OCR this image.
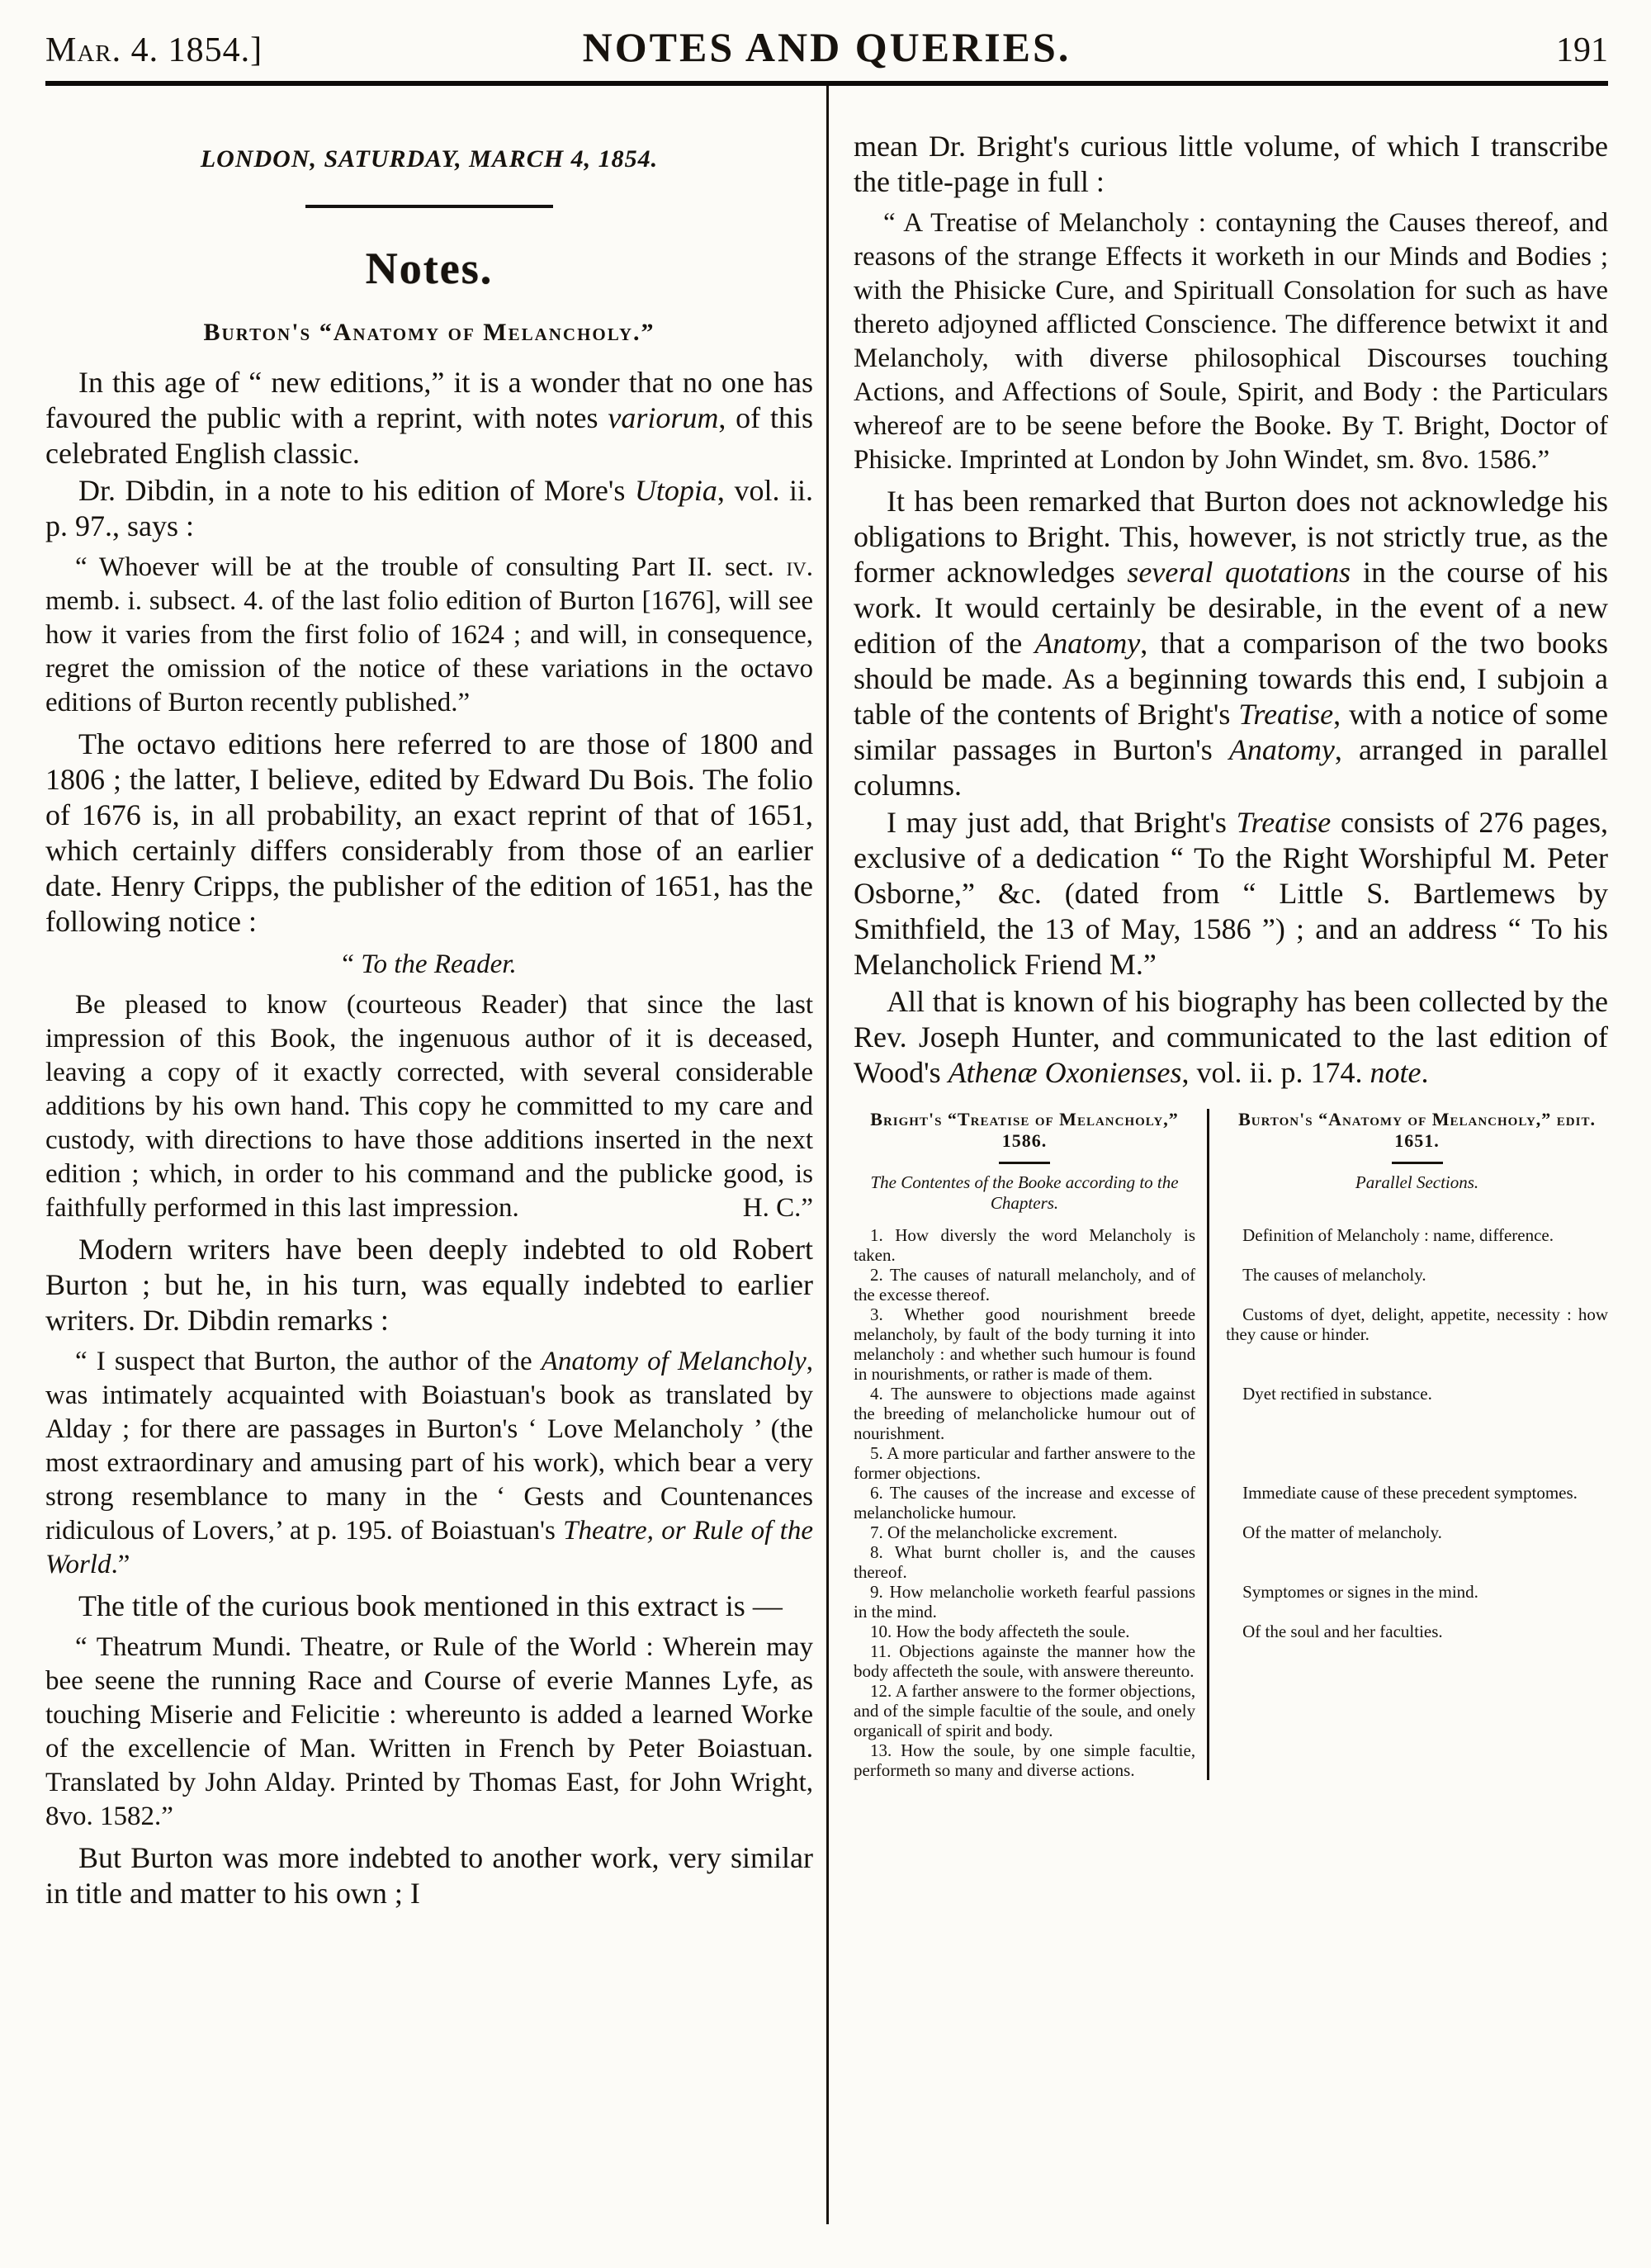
Mar. 4. 1854.]	NOTES AND QUERIES.	191
LONDON, SATURDAY, MARCH 4, 1854.
Notes.
Burton's “Anatomy of Melancholy.”

In this age of “ new editions,” it is a wonder that no one has favoured the public with a reprint, with notes variorum, of this celebrated English classic.

Dr. Dibdin, in a note to his edition of More's Utopia, vol. ii. p. 97., says :

“ Whoever will be at the trouble of consulting Part II. sect. iv. memb. i. subsect. 4. of the last folio edition of Burton [1676], will see how it varies from the first folio of 1624 ; and will, in consequence, regret the omission of the notice of these variations in the octavo editions of Burton recently published.”

The octavo editions here referred to are those of 1800 and 1806 ; the latter, I believe, edited by Edward Du Bois. The folio of 1676 is, in all probability, an exact reprint of that of 1651, which certainly differs considerably from those of an earlier date. Henry Cripps, the publisher of the edition of 1651, has the following notice :

“ To the Reader.

Be pleased to know (courteous Reader) that since the last impression of this Book, the ingenuous author of it is deceased, leaving a copy of it exactly corrected, with several considerable additions by his own hand. This copy he committed to my care and custody, with directions to have those additions inserted in the next edition ; which, in order to his command and the publicke good, is faithfully performed in this last impression.	H. C.”

Modern writers have been deeply indebted to old Robert Burton ; but he, in his turn, was equally indebted to earlier writers. Dr. Dibdin remarks :

“ I suspect that Burton, the author of the Anatomy of Melancholy, was intimately acquainted with Boiastuan's book as translated by Alday ; for there are passages in Burton's ‘ Love Melancholy ’ (the most extraordinary and amusing part of his work), which bear a very strong resemblance to many in the ‘ Gests and Countenances ridiculous of Lovers,’ at p. 195. of Boiastuan's Theatre, or Rule of the World.”

The title of the curious book mentioned in this extract is —

“ Theatrum Mundi. Theatre, or Rule of the World : Wherein may bee seene the running Race and Course of everie Mannes Lyfe, as touching Miserie and Felicitie : whereunto is added a learned Worke of the excellencie of Man. Written in French by Peter Boiastuan. Translated by John Alday. Printed by Thomas East, for John Wright, 8vo. 1582.”

But Burton was more indebted to another work, very similar in title and matter to his own ; I

mean Dr. Bright's curious little volume, of which I transcribe the title-page in full :

“ A Treatise of Melancholy : contayning the Causes thereof, and reasons of the strange Effects it worketh in our Minds and Bodies ; with the Phisicke Cure, and Spirituall Consolation for such as have thereto adjoyned afflicted Conscience. The difference betwixt it and Melancholy, with diverse philosophical Discourses touching Actions, and Affections of Soule, Spirit, and Body : the Particulars whereof are to be seene before the Booke. By T. Bright, Doctor of Phisicke. Imprinted at London by John Windet, sm. 8vo. 1586.”

It has been remarked that Burton does not acknowledge his obligations to Bright. This, however, is not strictly true, as the former acknowledges several quotations in the course of his work. It would certainly be desirable, in the event of a new edition of the Anatomy, that a comparison of the two books should be made. As a beginning towards this end, I subjoin a table of the contents of Bright's Treatise, with a notice of some similar passages in Burton's Anatomy, arranged in parallel columns.

I may just add, that Bright's Treatise consists of 276 pages, exclusive of a dedication “ To the Right Worshipful M. Peter Osborne,” &c. (dated from “ Little S. Bartlemews by Smithfield, the 13 of May, 1586 ”) ; and an address “ To his Melancholick Friend M.”

All that is known of his biography has been collected by the Rev. Joseph Hunter, and communicated to the last edition of Wood's Athenæ Oxonienses, vol. ii. p. 174. note.

Bright's “Treatise of Melancholy,” 1586.

The Contentes of the Booke according to the Chapters.

Burton's “Anatomy of Melancholy,” edit. 1651.

Parallel Sections.

1. How diversly the word Melancholy is taken.	Definition of Melancholy : name, difference.

2. The causes of naturall melancholy, and of the excesse thereof.	The causes of melancholy.

3. Whether good nourishment breede melancholy, by fault of the body turning it into melancholy : and whether such humour is found in nourishments, or rather is made of them.	Customs of dyet, delight, appetite, necessity : how they cause or hinder.

4. The aunswere to objections made against the breeding of melancholicke humour out of nourishment.	Dyet rectified in substance.

5. A more particular and farther answere to the former objections.	

6. The causes of the increase and excesse of melancholicke humour.	Immediate cause of these precedent symptomes.

7. Of the melancholicke excrement.	Of the matter of melancholy.

8. What burnt choller is, and the causes thereof.	

9. How melancholie worketh fearful passions in the mind.	Symptomes or signes in the mind.

10. How the body affecteth the soule.	Of the soul and her faculties.

11. Objections againste the manner how the body affecteth the soule, with answere thereunto.	

12. A farther answere to the former objections, and of the simple facultie of the soule, and onely organicall of spirit and body.	

13. How the soule, by one simple facultie, performeth so many and diverse actions.	
